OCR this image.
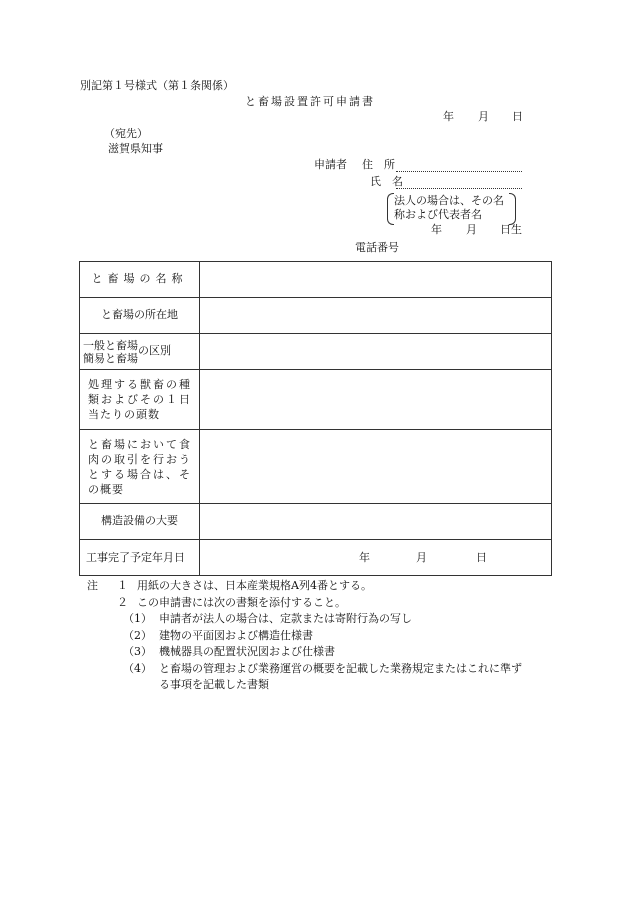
別記第１号様式（第１条関係）
と畜場設置許可申請書
年 月 日
（宛先）
滋賀県知事
申請者 住　所
氏　名
法人の場合は、その名
称および代表者名
年 月 日生
電話番号
と畜場の名称	
と畜場の所在地	

一般と畜場
簡易と畜場
の区別	

処理する獣畜の種類およびその１日当たりの頭数	
と畜場において食肉の取引を行おうとする場合は、その概要	
構造設備の大要	
工事完了予定年月日	年 月 日
注 １ 用紙の大きさは、日本産業規格A列4番とする。
２ この申請書には次の書類を添付すること。

（1） 申請者が法人の場合は、定款または寄附行為の写し

（2） 建物の平面図および構造仕様書

（3） 機械器具の配置状況図および仕様書

（4） と畜場の管理および業務運営の概要を記載した業務規定またはこれに準ず

る事項を記載した書類
